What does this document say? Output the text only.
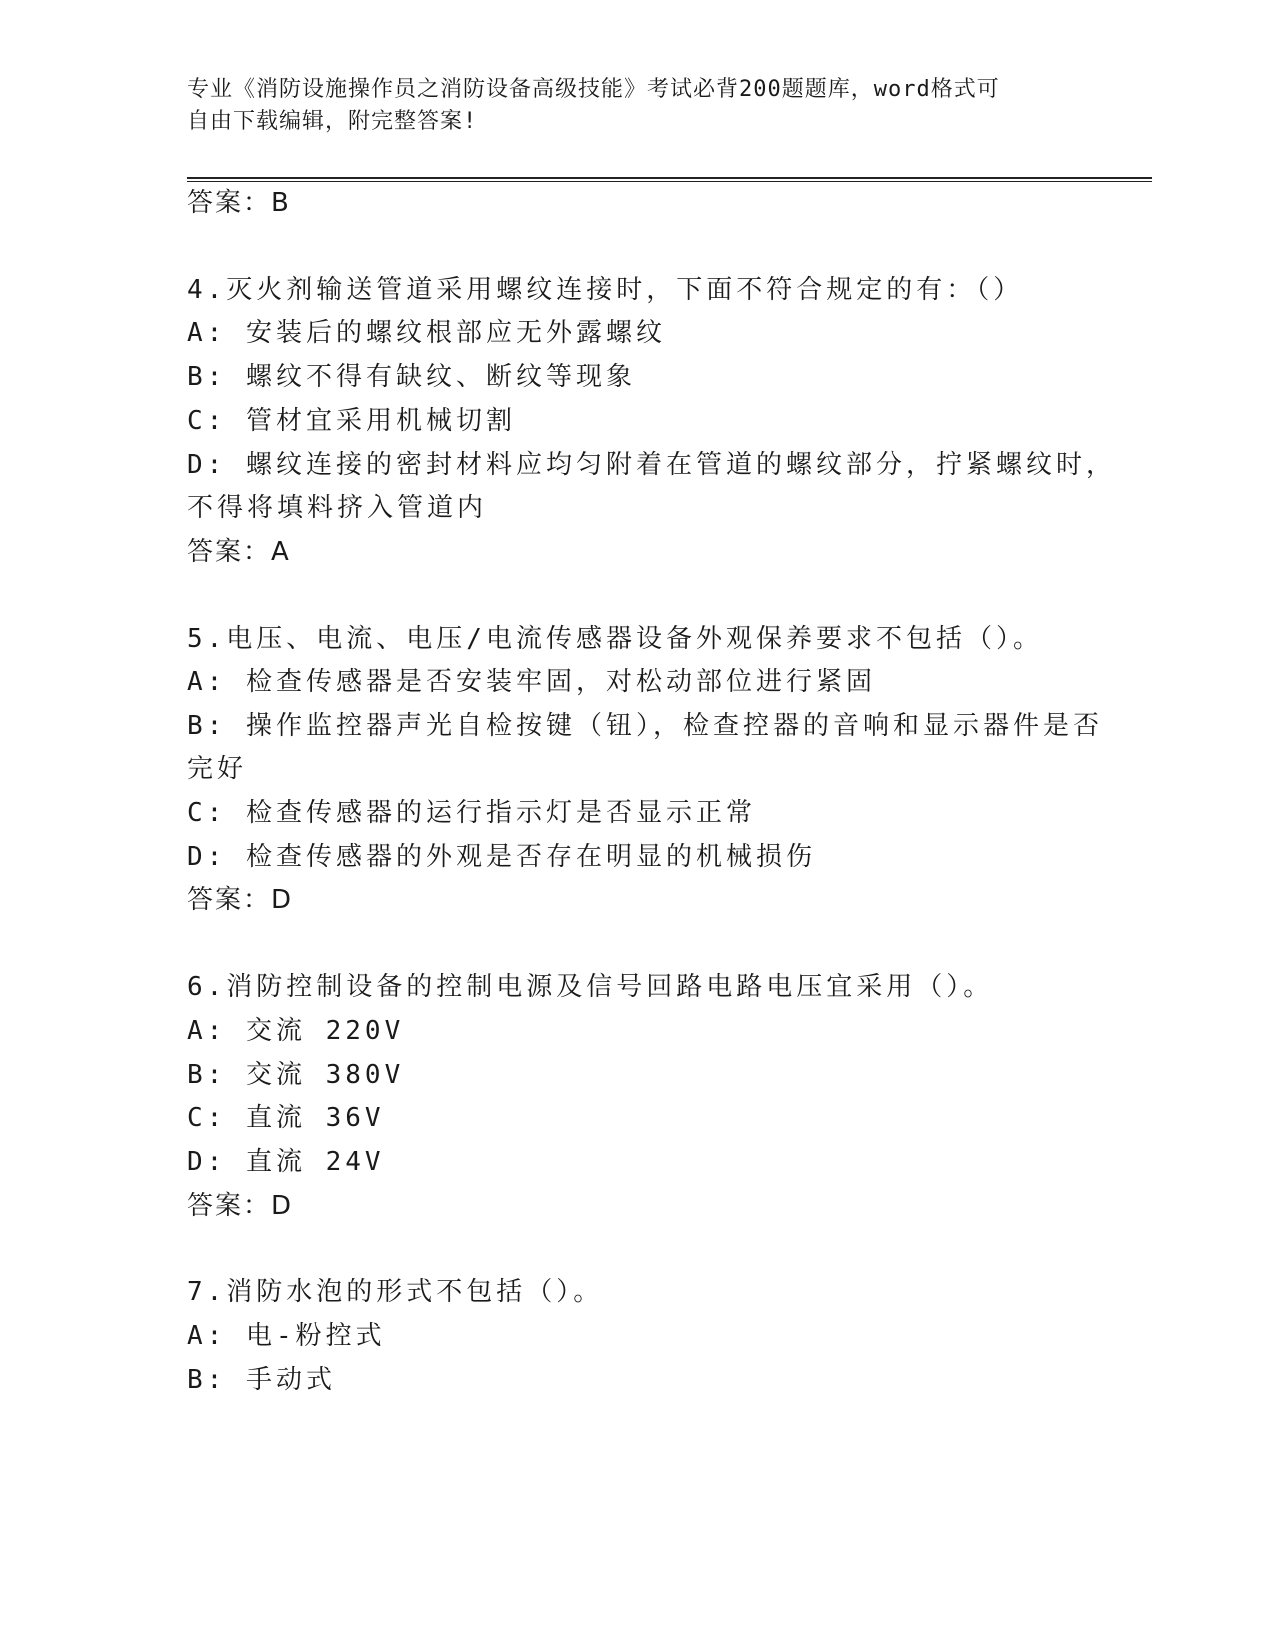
专业《消防设施操作员之消防设备高级技能》考试必背200题题库，word格式可
自由下载编辑，附完整答案!
答案：B
4.灭火剂输送管道采用螺纹连接时，下面不符合规定的有：（）
A: 安装后的螺纹根部应无外露螺纹
B: 螺纹不得有缺纹、断纹等现象
C: 管材宜采用机械切割
D: 螺纹连接的密封材料应均匀附着在管道的螺纹部分，拧紧螺纹时，
不得将填料挤入管道内
答案：A
5.电压、电流、电压/电流传感器设备外观保养要求不包括（）。
A: 检查传感器是否安装牢固，对松动部位进行紧固
B: 操作监控器声光自检按键（钮），检查控器的音响和显示器件是否
完好
C: 检查传感器的运行指示灯是否显示正常
D: 检查传感器的外观是否存在明显的机械损伤
答案：D
6.消防控制设备的控制电源及信号回路电路电压宜采用（）。
A: 交流 220V
B: 交流 380V
C: 直流 36V
D: 直流 24V
答案：D
7.消防水泡的形式不包括（）。
A: 电-粉控式
B: 手动式
